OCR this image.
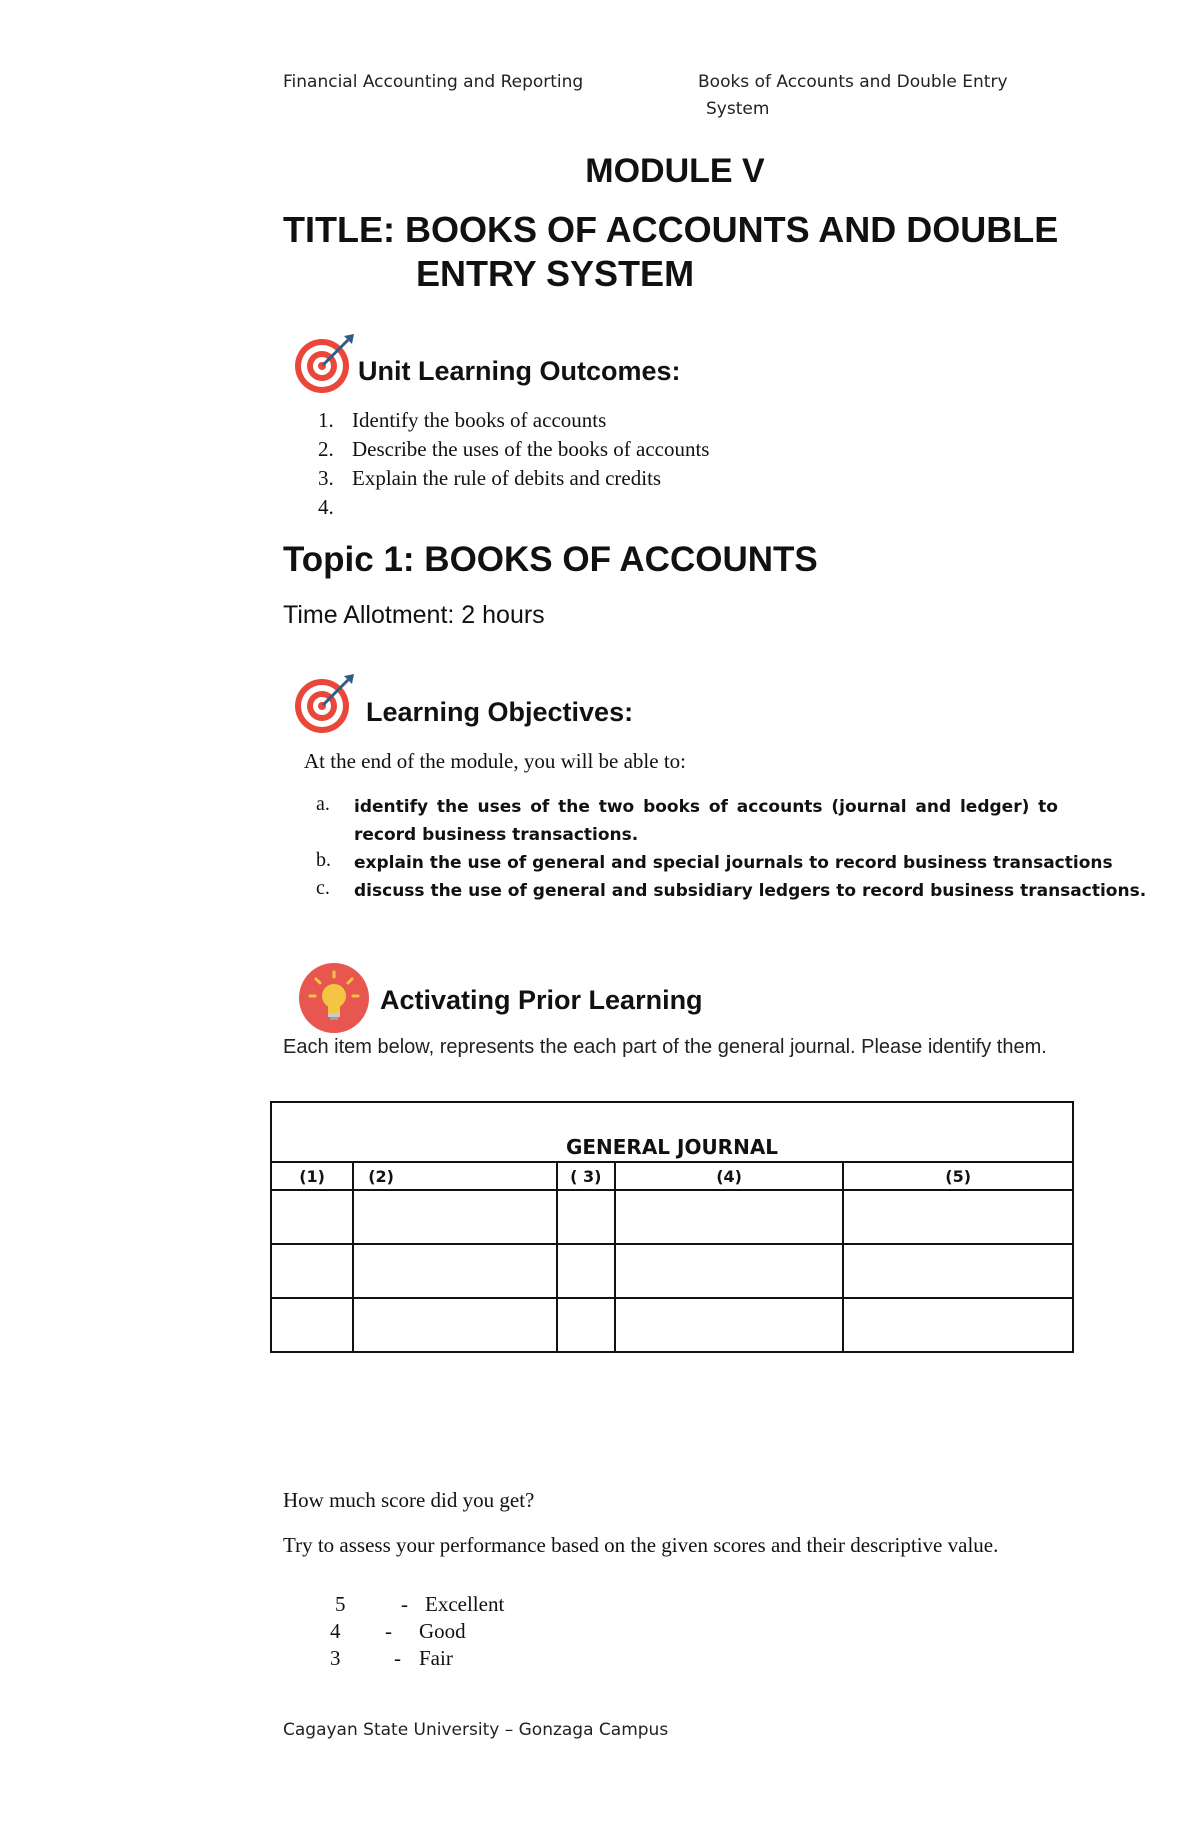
Financial Accounting and Reporting	Books of Accounts and Double Entry
System
MODULE V
TITLE: BOOKS OF ACCOUNTS AND DOUBLE
ENTRY SYSTEM
Unit Learning Outcomes:
1. Identify the books of accounts
2. Describe the uses of the books of accounts
3. Explain the rule of debits and credits
4.
Topic 1: BOOKS OF ACCOUNTS
Time Allotment: 2 hours
Learning Objectives:
At the end of the module, you will be able to:
a. identify the uses of the two books of accounts (journal and ledger) to record business transactions.
b. explain the use of general and special journals to record business transactions
c. discuss the use of general and subsidiary ledgers to record business transactions.
Activating Prior Learning
Each item below, represents the each part of the general journal. Please identify them.
GENERAL JOURNAL				
(1)	(2)	( 3)	(4)	(5)

How much score did you get?
Try to assess your performance based on the given scores and their descriptive value.
5	- Excellent
4 - Good
3	- Fair
Cagayan State University – Gonzaga Campus
